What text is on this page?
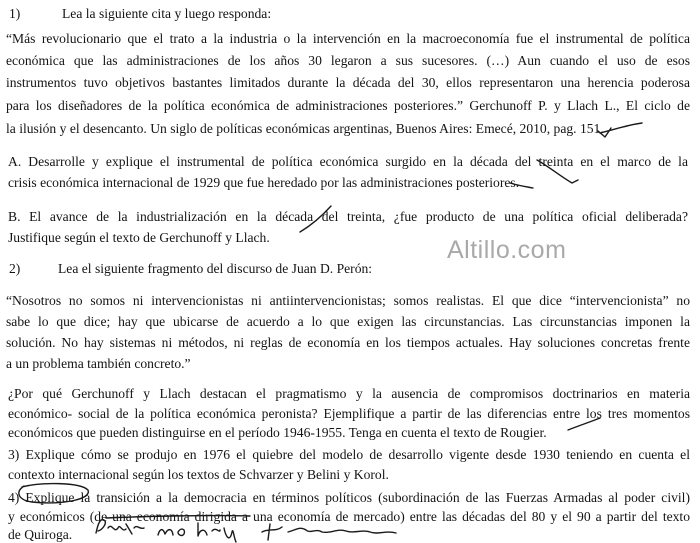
1)	Lea la siguiente cita y luego responda:
“Más revolucionario que el trato a la industria o la intervención en la macroeconomía fue el instrumental de política
económica que las administraciones de los años 30 legaron a sus sucesores. (…) Aun cuando el uso de esos
instrumentos tuvo objetivos bastantes limitados durante la década del 30, ellos representaron una herencia poderosa
para los diseñadores de la política económica de administraciones posteriores.” Gerchunoff P. y Llach L., El ciclo de
la ilusión y el desencanto. Un siglo de políticas económicas argentinas, Buenos Aires: Emecé, 2010, pag. 151.
A. Desarrolle y explique el instrumental de política económica surgido en la década del treinta en el marco de la
crisis económica internacional de 1929 que fue heredado por las administraciones posteriores.
B. El avance de la industrialización en la década del treinta, ¿fue producto de una política oficial deliberada?
Justifique según el texto de Gerchunoff y Llach.	Altillo.com
2)	Lea el siguiente fragmento del discurso de Juan D. Perón:
“Nosotros no somos ni intervencionistas ni antiintervencionistas; somos realistas. El que dice “intervencionista” no
sabe lo que dice; hay que ubicarse de acuerdo a lo que exigen las circunstancias. Las circunstancias imponen la
solución. No hay sistemas ni métodos, ni reglas de economía en los tiempos actuales. Hay soluciones concretas frente
a un problema también concreto.”
¿Por qué Gerchunoff y Llach destacan el pragmatismo y la ausencia de compromisos doctrinarios en materia
económico- social de la política económica peronista? Ejemplifique a partir de las diferencias entre los tres momentos
económicos que pueden distinguirse en el período 1946-1955. Tenga en cuenta el texto de Rougier.
3) Explique cómo se produjo en 1976 el quiebre del modelo de desarrollo vigente desde 1930 teniendo en cuenta el
contexto internacional según los textos de Schvarzer y Belini y Korol.
4) Explique la transición a la democracia en términos políticos (subordinación de las Fuerzas Armadas al poder civil)
y económicos (de una economía dirigida a una economía de mercado) entre las décadas del 80 y el 90 a partir del texto
de Quiroga.
